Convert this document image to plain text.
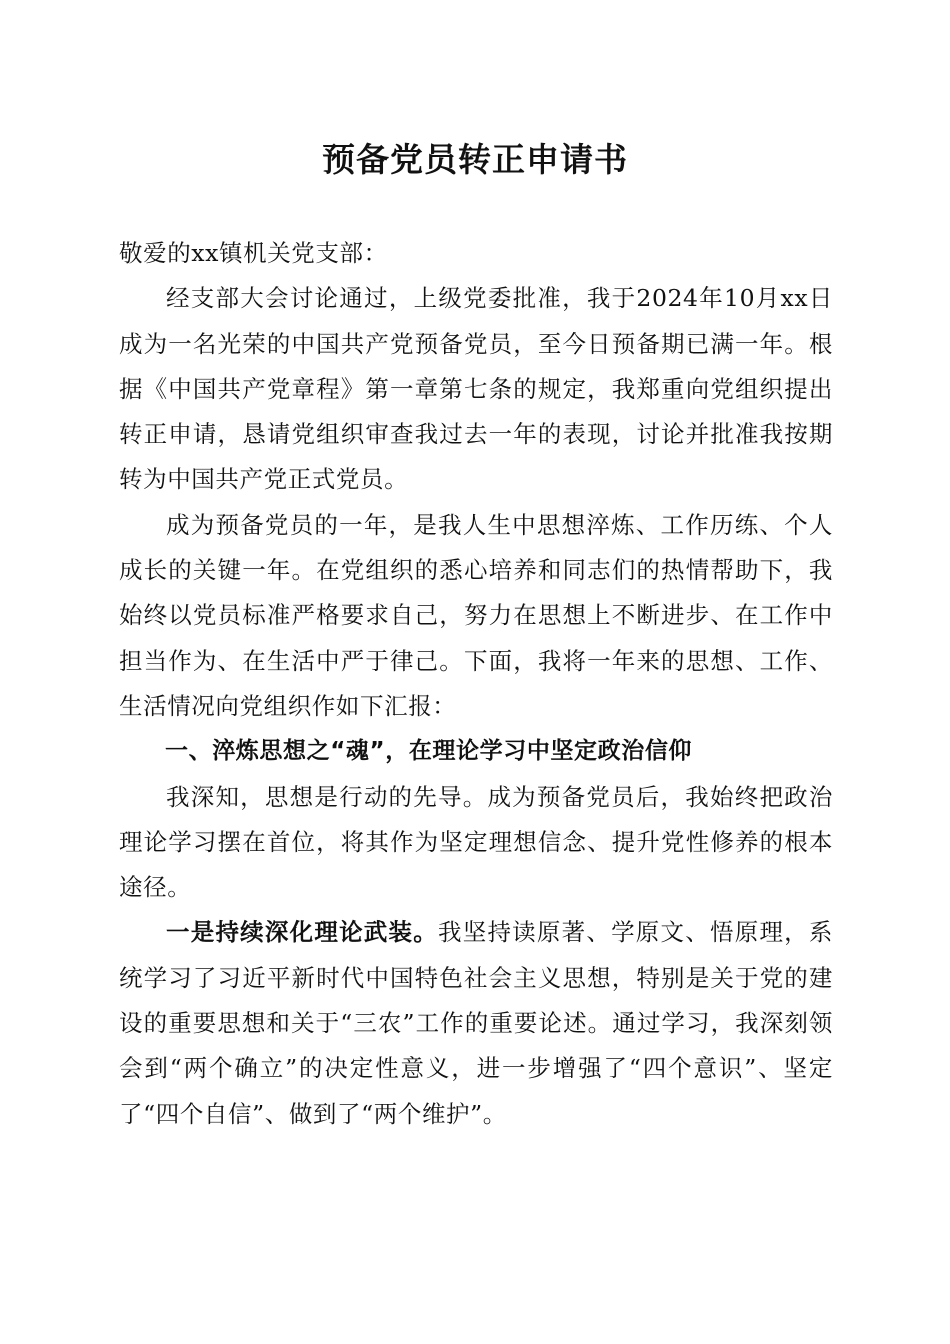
预备党员转正申请书

敬爱的xx镇机关党支部：

经支部大会讨论通过，上级党委批准，我于2024年10月xx日成为一名光荣的中国共产党预备党员，至今日预备期已满一年。根据《中国共产党章程》第一章第七条的规定，我郑重向党组织提出转正申请，恳请党组织审查我过去一年的表现，讨论并批准我按期转为中国共产党正式党员。

成为预备党员的一年，是我人生中思想淬炼、工作历练、个人成长的关键一年。在党组织的悉心培养和同志们的热情帮助下，我始终以党员标准严格要求自己，努力在思想上不断进步、在工作中担当作为、在生活中严于律己。下面，我将一年来的思想、工作、生活情况向党组织作如下汇报：

一、淬炼思想之“魂”，在理论学习中坚定政治信仰

我深知，思想是行动的先导。成为预备党员后，我始终把政治理论学习摆在首位，将其作为坚定理想信念、提升党性修养的根本途径。

一是持续深化理论武装。我坚持读原著、学原文、悟原理，系统学习了习近平新时代中国特色社会主义思想，特别是关于党的建设的重要思想和关于“三农”工作的重要论述。通过学习，我深刻领会到“两个确立”的决定性意义，进一步增强了“四个意识”、坚定了“四个自信”、做到了“两个维护”。
